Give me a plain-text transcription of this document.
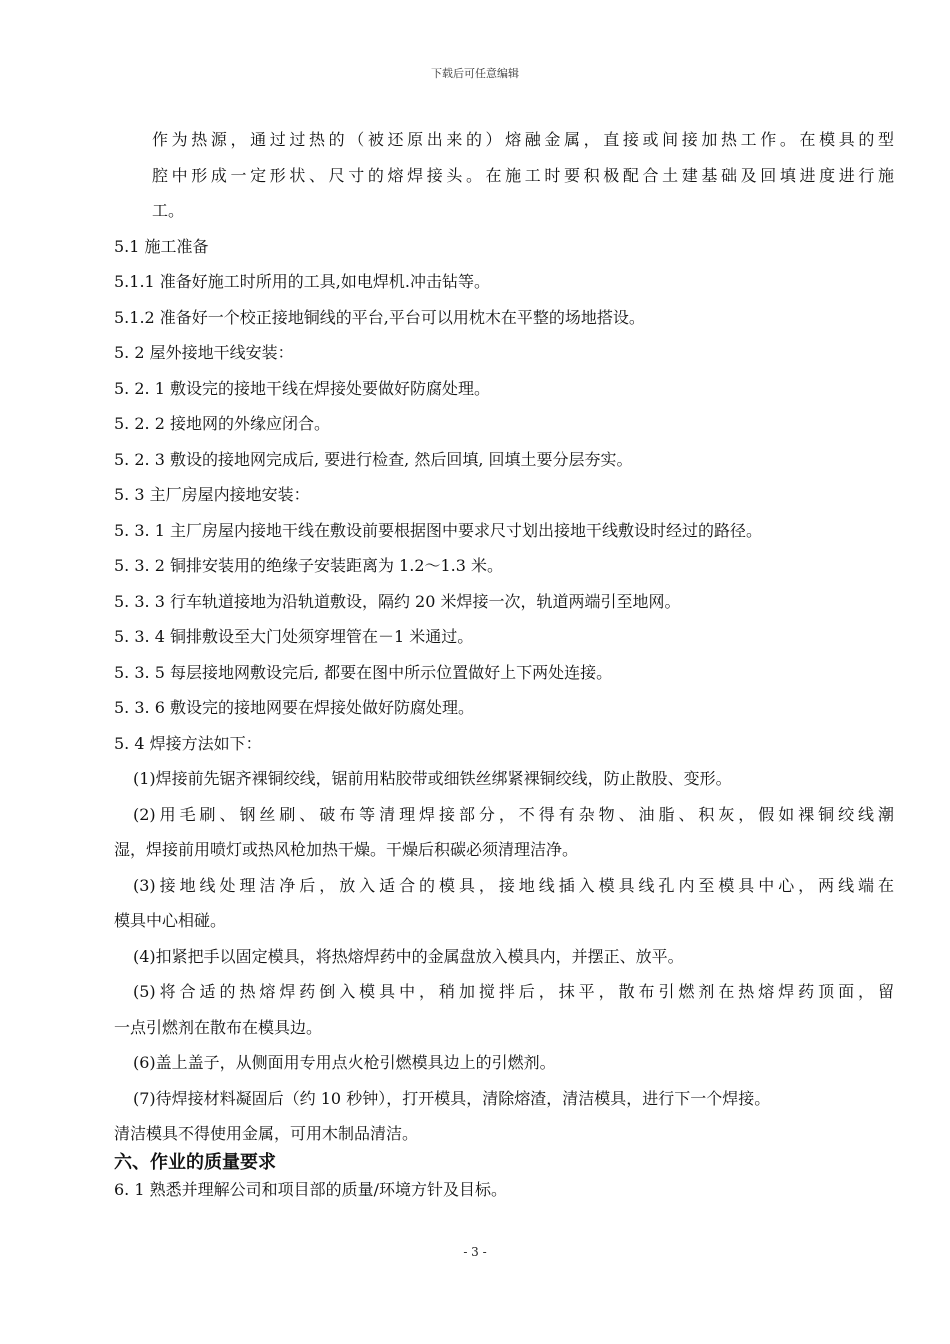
下载后可任意编辑
作为热源，通过过热的（被还原出来的）熔融金属，直接或间接加热工作。在模具的型
腔中形成一定形状、尺寸的熔焊接头。在施工时要积极配合土建基础及回填进度进行施
工。
5.1 施工准备
5.1.1 准备好施工时所用的工具,如电焊机.冲击钻等。
5.1.2 准备好一个校正接地铜线的平台,平台可以用枕木在平整的场地搭设。
5. 2 屋外接地干线安装：
5. 2. 1 敷设完的接地干线在焊接处要做好防腐处理。
5. 2. 2 接地网的外缘应闭合。
5. 2. 3 敷设的接地网完成后, 要进行检查, 然后回填, 回填土要分层夯实。
5. 3 主厂房屋内接地安装：
5. 3. 1 主厂房屋内接地干线在敷设前要根据图中要求尺寸划出接地干线敷设时经过的路径。
5. 3. 2 铜排安装用的绝缘子安装距离为 1.2～1.3 米。
5. 3. 3 行车轨道接地为沿轨道敷设，隔约 20 米焊接一次，轨道两端引至地网。
5. 3. 4 铜排敷设至大门处须穿埋管在－1 米通过。
5. 3. 5 每层接地网敷设完后, 都要在图中所示位置做好上下两处连接。
5. 3. 6 敷设完的接地网要在焊接处做好防腐处理。
5. 4 焊接方法如下：
(1)焊接前先锯齐裸铜绞线，锯前用粘胶带或细铁丝绑紧裸铜绞线，防止散股、变形。
(2)用毛刷、钢丝刷、破布等清理焊接部分，不得有杂物、油脂、积灰，假如裸铜绞线潮
湿，焊接前用喷灯或热风枪加热干燥。干燥后积碳必须清理洁净。
(3)接地线处理洁净后，放入适合的模具，接地线插入模具线孔内至模具中心，两线端在
模具中心相碰。
(4)扣紧把手以固定模具，将热熔焊药中的金属盘放入模具内，并摆正、放平。
(5)将合适的热熔焊药倒入模具中，稍加搅拌后，抹平，散布引燃剂在热熔焊药顶面，留
一点引燃剂在散布在模具边。
(6)盖上盖子，从侧面用专用点火枪引燃模具边上的引燃剂。
(7)待焊接材料凝固后（约 10 秒钟），打开模具，清除熔渣，清洁模具，进行下一个焊接。
清洁模具不得使用金属，可用木制品清洁。
六、作业的质量要求
6. 1 熟悉并理解公司和项目部的质量/环境方针及目标。
- 3 -
